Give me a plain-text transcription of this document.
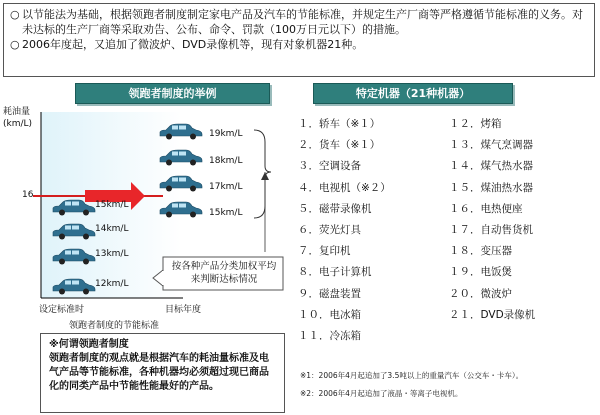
○ 以节能法为基础，根据领跑者制度制定家电产品及汽车的节能标准，并规定生产厂商等严格遵循节能标准的义务。对未达标的生产厂商等采取劝告、公布、命令、罚款（100万日元以下）的措施。

○ 2006年度起，又追加了微波炉、DVD录像机等，现有对象机器21种。

领跑者制度的举例	特定机器（21种机器）
耗油量
(km/L)
16
15km/L
14km/L
13km/L
12km/L
19km/L
18km/L
17km/L
15km/L
按各种产品分类加权平均来判断达标情况
设定标准时	目标年度
领跑者制度的节能标准
※何谓领跑者制度
领跑者制度的观点就是根据汽车的耗油量标准及电气产品等节能标准，各种机器均必须超过现已商品化的同类产品中节能性能最好的产品。
１．轿车（※１）
２．货车（※１）
３．空调设备
４．电视机（※２）
５．磁带录像机
６．荧光灯具
７．复印机
８．电子计算机
９．磁盘装置
１０．电冰箱
１１．冷冻箱
１２．烤箱
１３．煤气烹调器
１４．煤气热水器
１５．煤油热水器
１６．电热便座
１７．自动售货机
１８．变压器
１９．电饭煲
２０．微波炉
２１．DVD录像机
※1：2006年4月起追加了3.5吨以上的重量汽车（公交车・卡车）。
※2：2006年4月起追加了液晶・等离子电视机。
